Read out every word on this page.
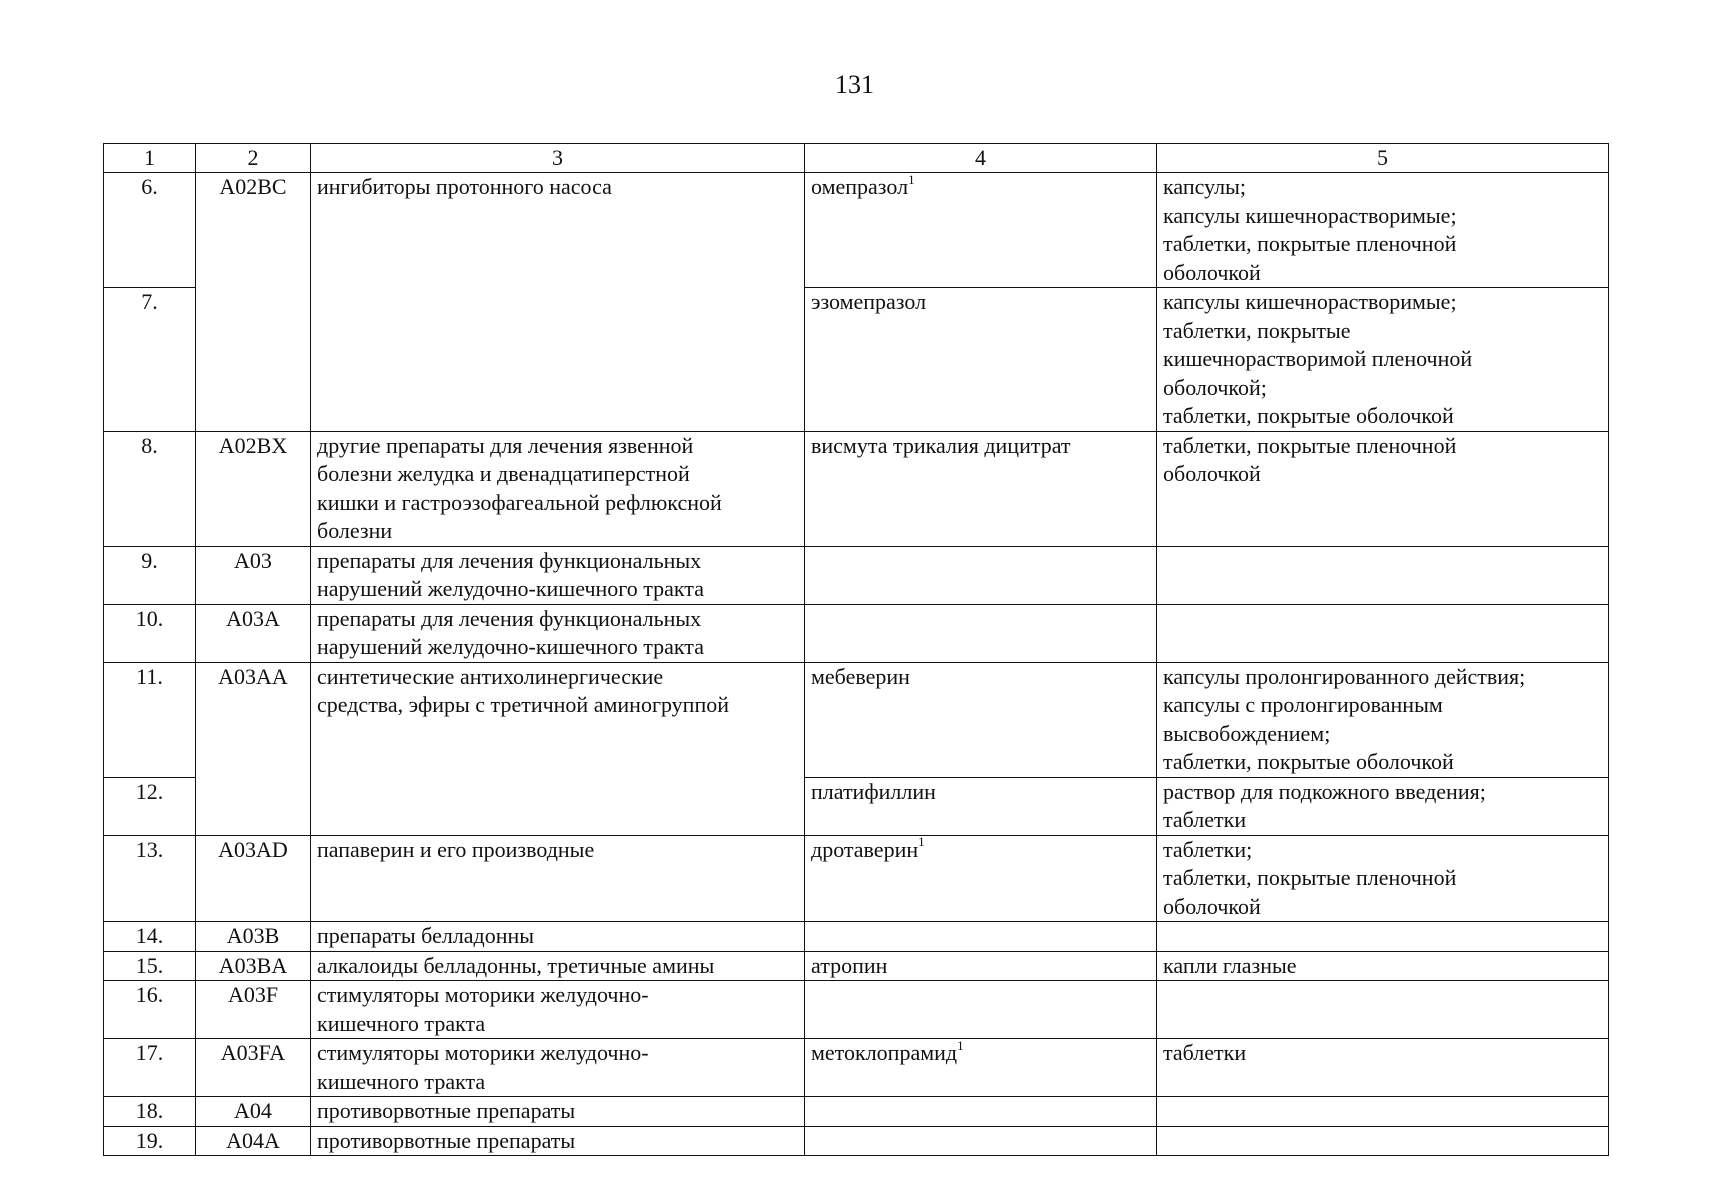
131
1	2	3	4	5
6.	A02BC	ингибиторы протонного насоса	омепразол$^1$	капсулы;
капсулы кишечнорастворимые;
таблетки, покрытые пленочной
оболочкой
7.			эзомепразол	капсулы кишечнорастворимые;
таблетки, покрытые
кишечнорастворимой пленочной
оболочкой;
таблетки, покрытые оболочкой
8.	A02BX	другие препараты для лечения язвенной
болезни желудка и двенадцатиперстной
кишки и гастроэзофагеальной рефлюксной
болезни	висмута трикалия дицитрат	таблетки, покрытые пленочной
оболочкой
9.	A03	препараты для лечения функциональных
нарушений желудочно-кишечного тракта		
10.	A03A	препараты для лечения функциональных
нарушений желудочно-кишечного тракта		
11.	A03AA	синтетические антихолинергические
средства, эфиры с третичной аминогруппой	мебеверин	капсулы пролонгированного действия;
капсулы с пролонгированным
высвобождением;
таблетки, покрытые оболочкой
12.			платифиллин	раствор для подкожного введения;
таблетки
13.	A03AD	папаверин и его производные	дротаверин$^1$	таблетки;
таблетки, покрытые пленочной
оболочкой
14.	A03B	препараты белладонны		
15.	A03BA	алкалоиды белладонны, третичные амины	атропин	капли глазные
16.	A03F	стимуляторы моторики желудочно-
кишечного тракта		
17.	A03FA	стимуляторы моторики желудочно-
кишечного тракта	метоклопрамид$^1$	таблетки
18.	A04	противорвотные препараты		
19.	A04A	противорвотные препараты		
